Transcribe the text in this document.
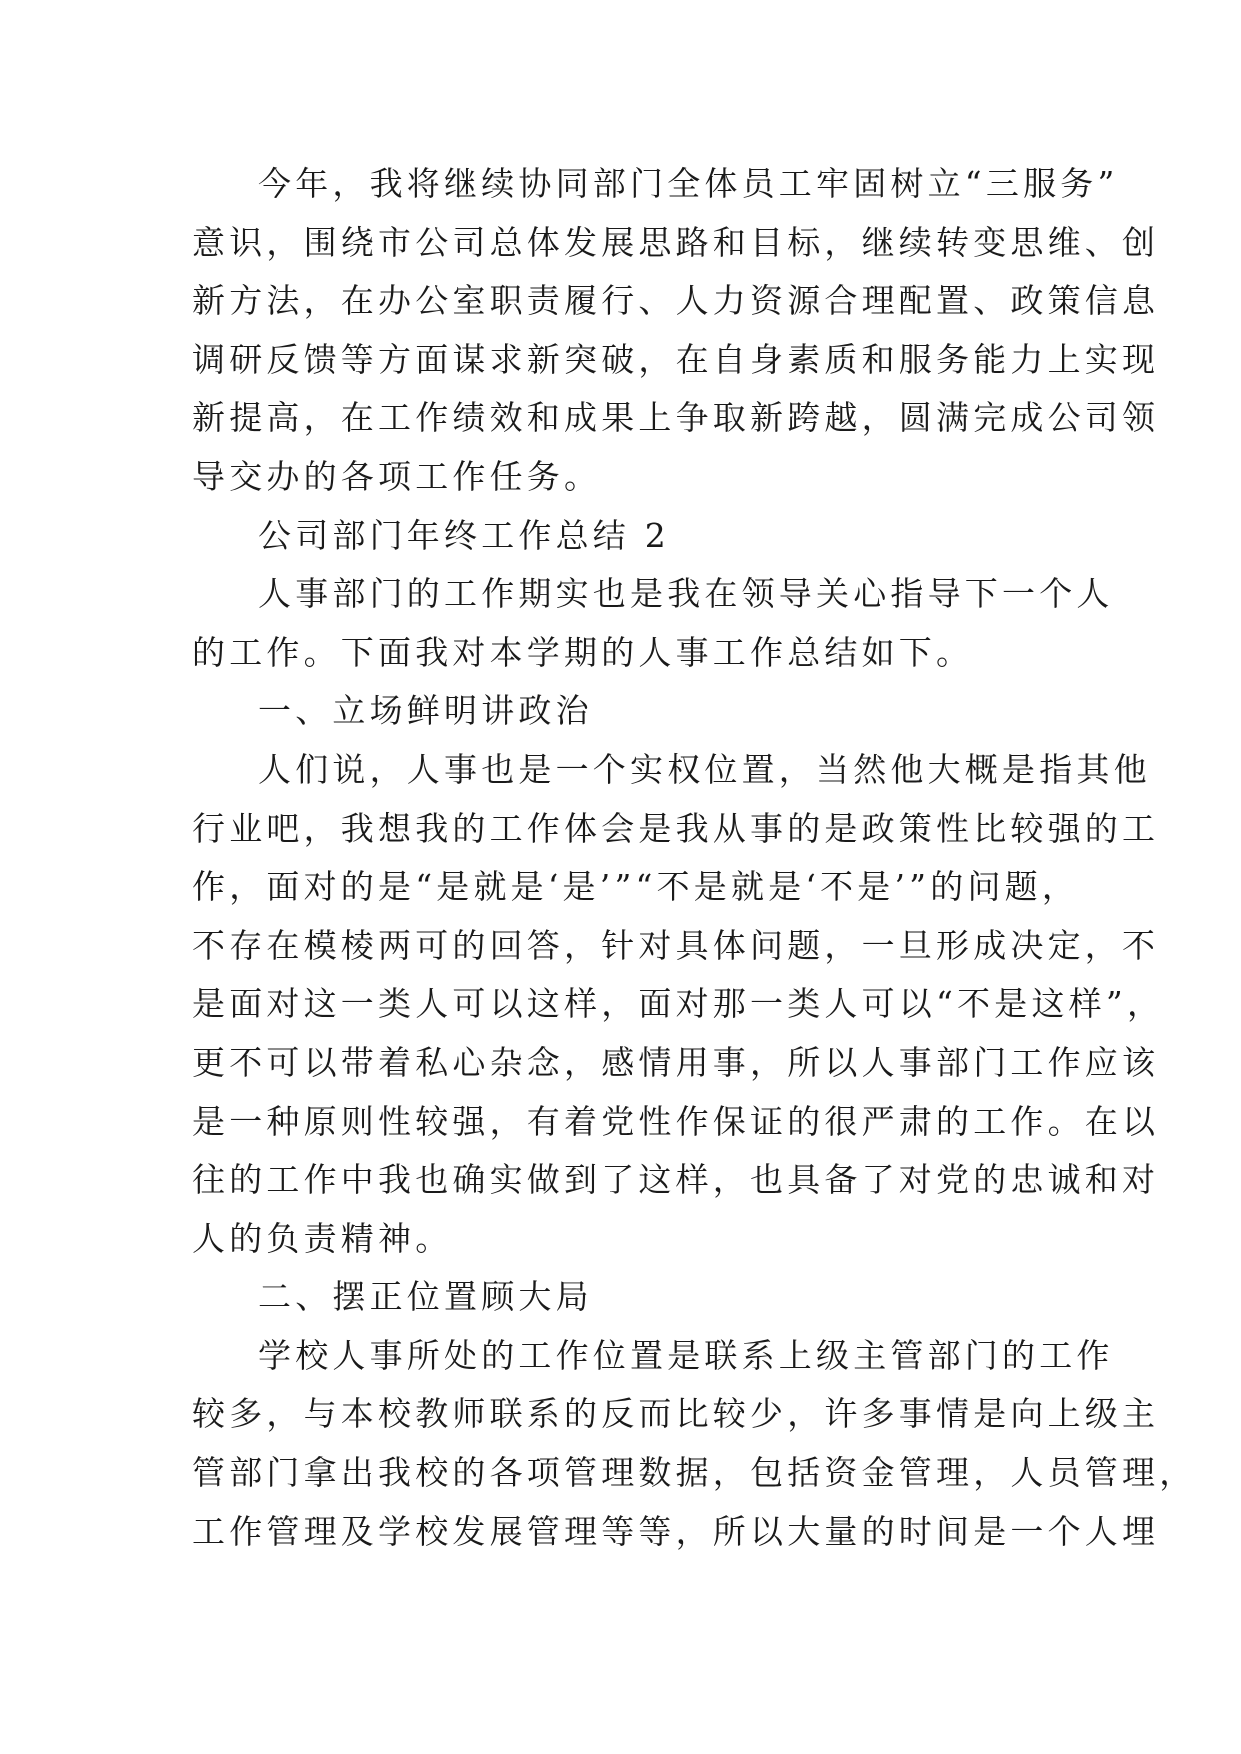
今年，我将继续协同部门全体员工牢固树立“三服务”
意识，围绕市公司总体发展思路和目标，继续转变思维、创
新方法，在办公室职责履行、人力资源合理配置、政策信息
调研反馈等方面谋求新突破，在自身素质和服务能力上实现
新提高，在工作绩效和成果上争取新跨越，圆满完成公司领
导交办的各项工作任务。

公司部门年终工作总结 2

人事部门的工作期实也是我在领导关心指导下一个人
的工作。下面我对本学期的人事工作总结如下。

一、立场鲜明讲政治

人们说，人事也是一个实权位置，当然他大概是指其他
行业吧，我想我的工作体会是我从事的是政策性比较强的工
作，面对的是“是就是‘是’”“不是就是‘不是’”的问题，
不存在模棱两可的回答，针对具体问题，一旦形成决定，不
是面对这一类人可以这样，面对那一类人可以“不是这样”，
更不可以带着私心杂念，感情用事，所以人事部门工作应该
是一种原则性较强，有着党性作保证的很严肃的工作。在以
往的工作中我也确实做到了这样，也具备了对党的忠诚和对
人的负责精神。

二、摆正位置顾大局

学校人事所处的工作位置是联系上级主管部门的工作
较多，与本校教师联系的反而比较少，许多事情是向上级主
管部门拿出我校的各项管理数据，包括资金管理，人员管理，
工作管理及学校发展管理等等，所以大量的时间是一个人埋
